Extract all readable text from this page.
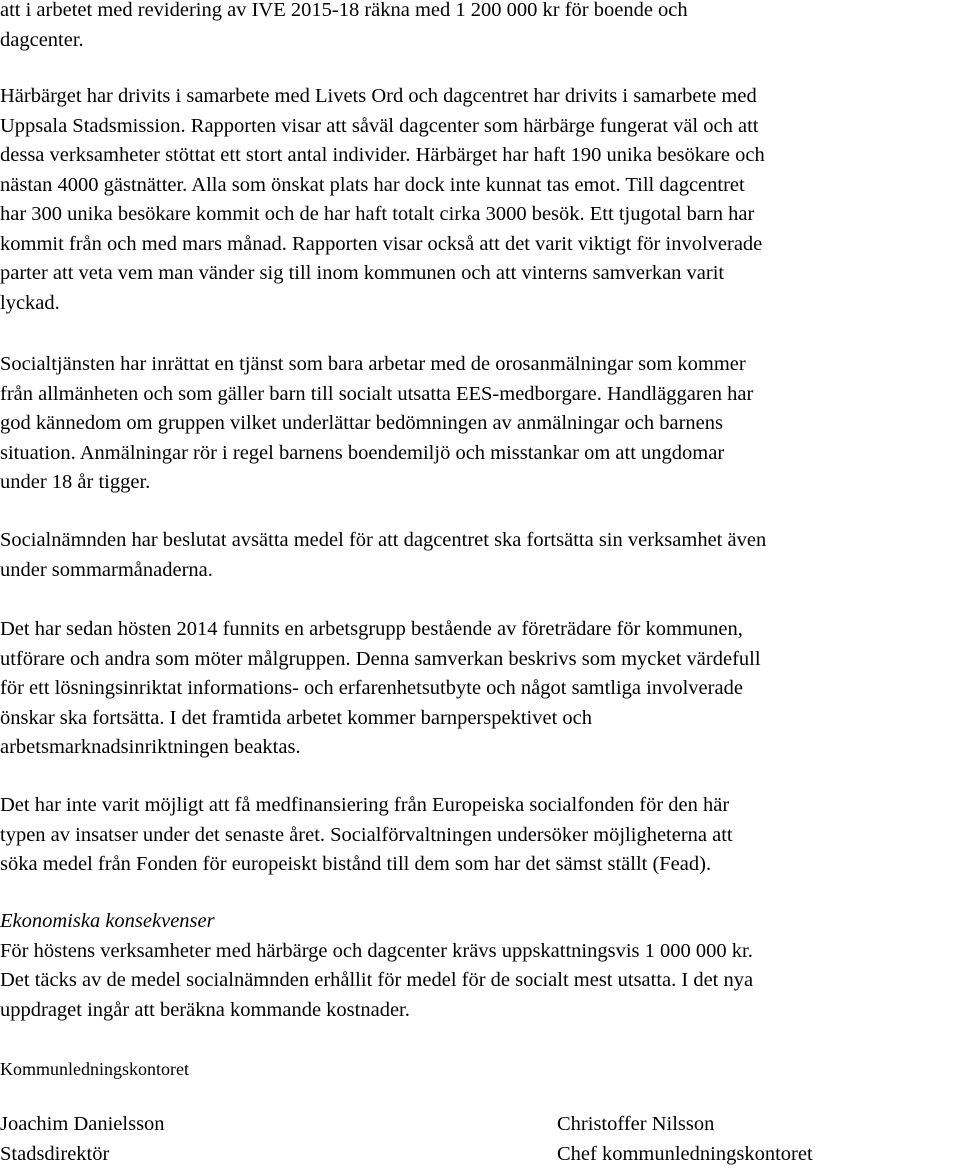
att i arbetet med revidering av IVE 2015-18 räkna med 1 200 000 kr för boende och
dagcenter.
Härbärget har drivits i samarbete med Livets Ord och dagcentret har drivits i samarbete med
Uppsala Stadsmission. Rapporten visar att såväl dagcenter som härbärge fungerat väl och att
dessa verksamheter stöttat ett stort antal individer. Härbärget har haft 190 unika besökare och
nästan 4000 gästnätter. Alla som önskat plats har dock inte kunnat tas emot. Till dagcentret
har 300 unika besökare kommit och de har haft totalt cirka 3000 besök. Ett tjugotal barn har
kommit från och med mars månad. Rapporten visar också att det varit viktigt för involverade
parter att veta vem man vänder sig till inom kommunen och att vinterns samverkan varit
lyckad.
Socialtjänsten har inrättat en tjänst som bara arbetar med de orosanmälningar som kommer
från allmänheten och som gäller barn till socialt utsatta EES-medborgare. Handläggaren har
god kännedom om gruppen vilket underlättar bedömningen av anmälningar och barnens
situation. Anmälningar rör i regel barnens boendemiljö och misstankar om att ungdomar
under 18 år tigger.
Socialnämnden har beslutat avsätta medel för att dagcentret ska fortsätta sin verksamhet även
under sommarmånaderna.
Det har sedan hösten 2014 funnits en arbetsgrupp bestående av företrädare för kommunen,
utförare och andra som möter målgruppen. Denna samverkan beskrivs som mycket värdefull
för ett lösningsinriktat informations- och erfarenhetsutbyte och något samtliga involverade
önskar ska fortsätta. I det framtida arbetet kommer barnperspektivet och
arbetsmarknadsinriktningen beaktas.
Det har inte varit möjligt att få medfinansiering från Europeiska socialfonden för den här
typen av insatser under det senaste året. Socialförvaltningen undersöker möjligheterna att
söka medel från Fonden för europeiskt bistånd till dem som har det sämst ställt (Fead).
Ekonomiska konsekvenser
För höstens verksamheter med härbärge och dagcenter krävs uppskattningsvis 1 000 000 kr.
Det täcks av de medel socialnämnden erhållit för medel för de socialt mest utsatta. I det nya
uppdraget ingår att beräkna kommande kostnader.
Kommunledningskontoret
Joachim Danielsson
Stadsdirektör
Christoffer Nilsson
Chef kommunledningskontoret
